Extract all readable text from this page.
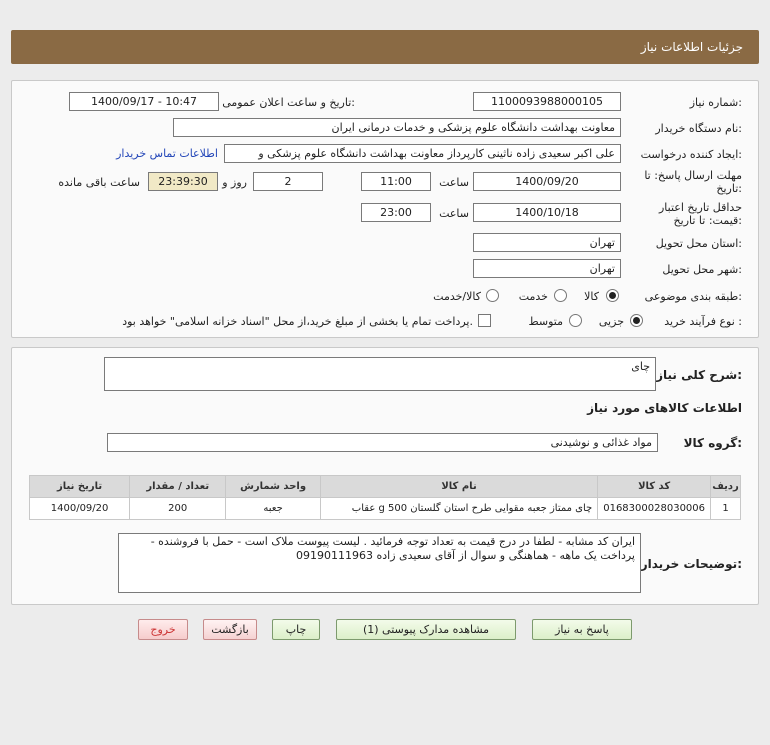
جزئیات اطلاعات نیاز
شماره نیاز:
1100093988000105
تاریخ و ساعت اعلان عمومی:
1400/09/17 - 10:47
نام دستگاه خریدار:
معاونت بهداشت دانشگاه علوم پزشکی و خدمات درمانی ایران
ایجاد کننده درخواست:
علی اکبر سعیدی زاده ناثینی کارپرداز معاونت بهداشت دانشگاه علوم پزشکی و
اطلاعات تماس خریدار
مهلت ارسال پاسخ: تا
تاریخ:
1400/09/20
ساعت
11:00
2
روز و
23:39:30
ساعت باقی مانده
حداقل تاریخ اعتبار
قیمت: تا تاریخ:
1400/10/18
ساعت
23:00
استان محل تحویل:
تهران
شهر محل تحویل:
تهران
طبقه بندی موضوعی:
کالا
خدمت
کالا/خدمت
نوع فرآیند خرید :
جزیی
متوسط
پرداخت تمام یا بخشی از مبلغ خرید،از محل "اسناد خزانه اسلامی" خواهد بود.
شرح کلی نیاز:
چای
اطلاعات کالاهای مورد نیاز
گروه کالا:
مواد غذائی و نوشیدنی
ردیف	کد کالا	نام کالا	واحد شمارش	تعداد / مقدار	تاریخ نیاز
1	0168300028030006	چای ممتاز جعبه مقوایی طرح استان گلستان 500 g عقاب	جعبه	200	1400/09/20
توضیحات خریدار:
ایران کد مشابه - لطفا در درج قیمت به تعداد توجه فرمائید . لیست پیوست ملاک است - حمل با فروشنده - پرداخت یک ماهه - هماهنگی و سوال از آقای سعیدی زاده 09190111963
پاسخ به نیاز
مشاهده مدارک پیوستی (1)
چاپ
بازگشت
خروج
